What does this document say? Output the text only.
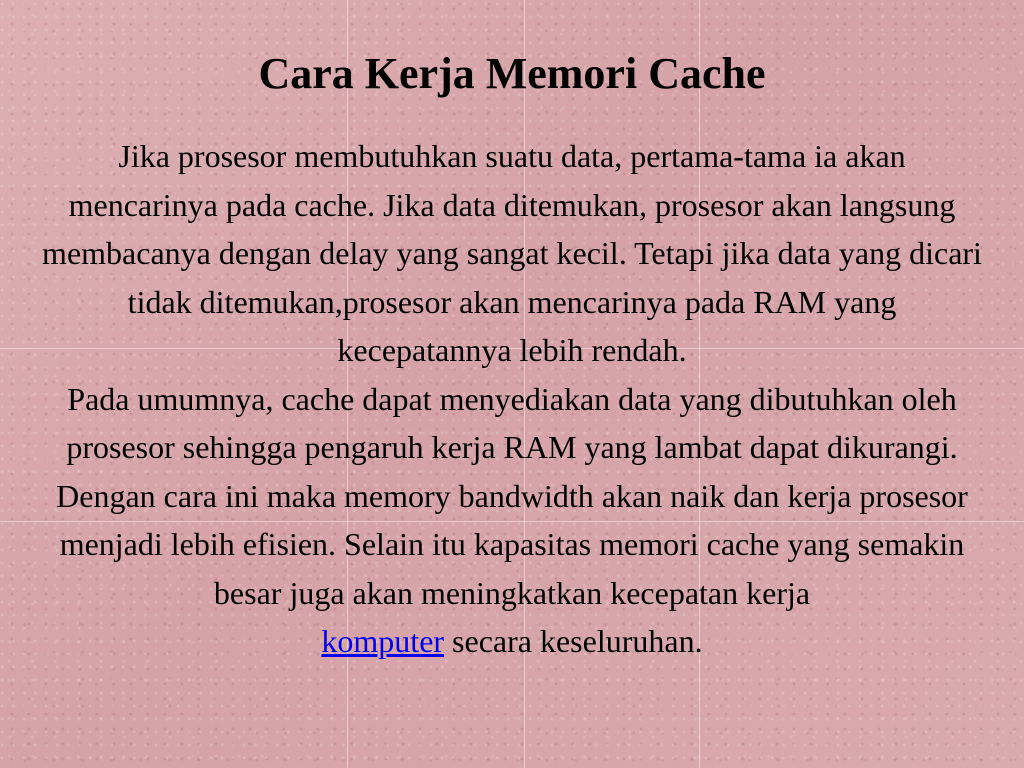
Cara Kerja Memori Cache

Jika prosesor membutuhkan suatu data, pertama-tama ia akan mencarinya pada cache. Jika data ditemukan, prosesor akan langsung membacanya dengan delay yang sangat kecil. Tetapi jika data yang dicari tidak ditemukan,prosesor akan mencarinya pada RAM yang kecepatannya lebih rendah.

Pada umumnya, cache dapat menyediakan data yang dibutuhkan oleh prosesor sehingga pengaruh kerja RAM yang lambat dapat dikurangi. Dengan cara ini maka memory bandwidth akan naik dan kerja prosesor menjadi lebih efisien. Selain itu kapasitas memori cache yang semakin besar juga akan meningkatkan kecepatan kerja
komputer secara keseluruhan.
